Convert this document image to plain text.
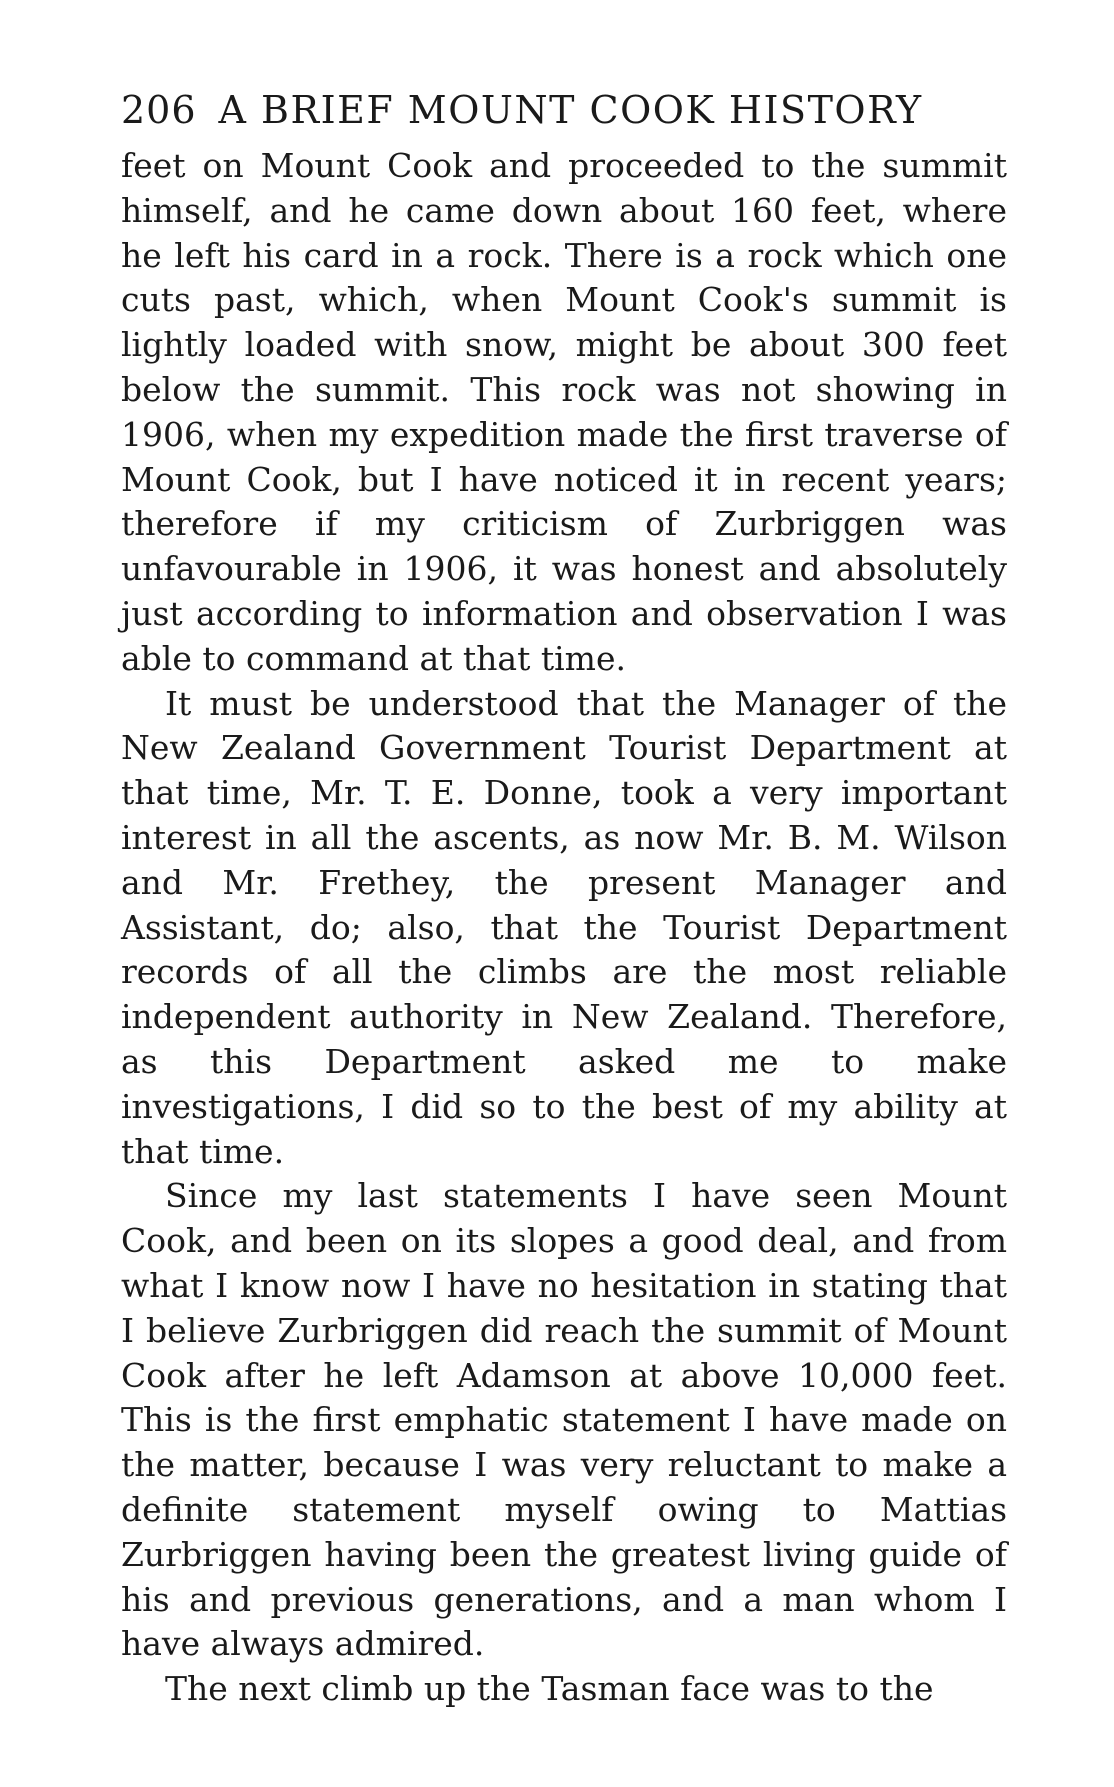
206 A BRIEF MOUNT COOK HISTORY

feet on Mount Cook and proceeded to the summit himself, and he came down about 160 feet, where he left his card in a rock. There is a rock which one cuts past, which, when Mount Cook's summit is lightly loaded with snow, might be about 300 feet below the summit. This rock was not showing in 1906, when my expedition made the first traverse of Mount Cook, but I have noticed it in recent years; therefore if my criticism of Zurbriggen was unfavourable in 1906, it was honest and absolutely just according to information and observation I was able to command at that time.

It must be understood that the Manager of the New Zealand Government Tourist Department at that time, Mr. T. E. Donne, took a very important interest in all the ascents, as now Mr. B. M. Wilson and Mr. Frethey, the present Manager and Assistant, do; also, that the Tourist Department records of all the climbs are the most reliable independent authority in New Zealand. Therefore, as this Department asked me to make investigations, I did so to the best of my ability at that time.

Since my last statements I have seen Mount Cook, and been on its slopes a good deal, and from what I know now I have no hesitation in stating that I believe Zurbriggen did reach the summit of Mount Cook after he left Adamson at above 10,000 feet. This is the first emphatic statement I have made on the matter, because I was very reluctant to make a definite statement myself owing to Mattias Zurbriggen having been the greatest living guide of his and previous generations, and a man whom I have always admired.

The next climb up the Tasman face was to the
